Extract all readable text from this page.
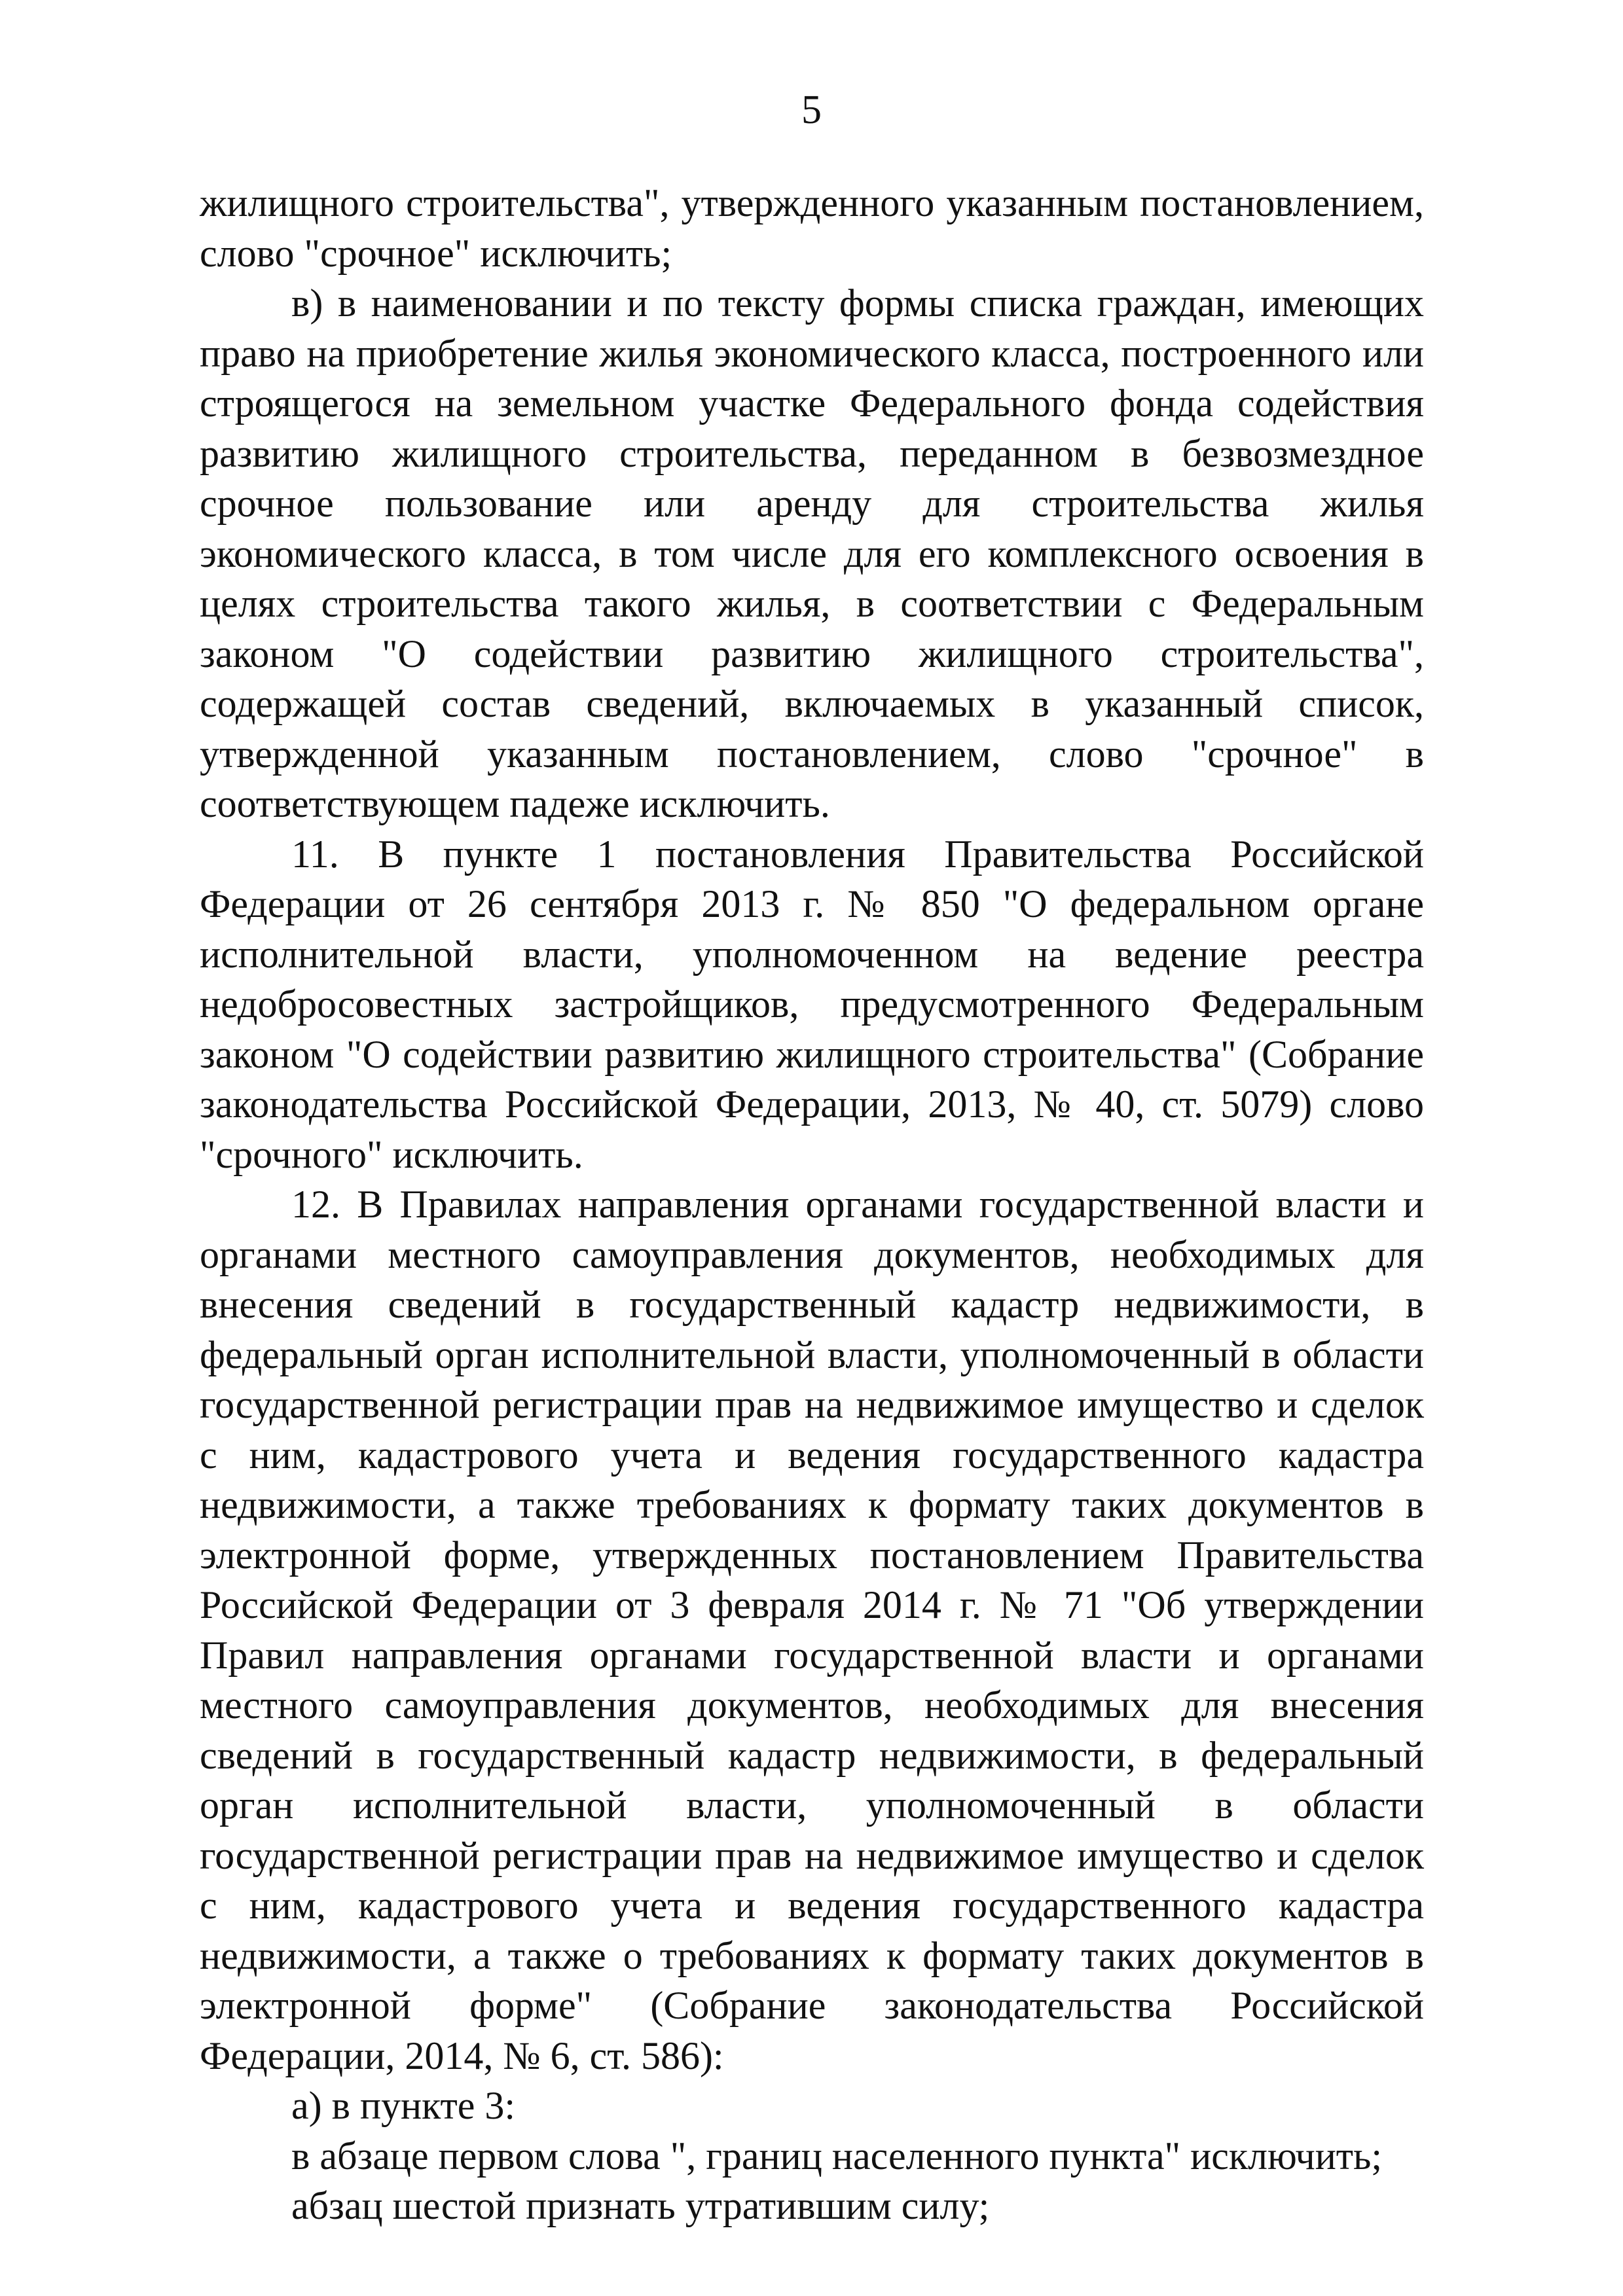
5

жилищного строительства", утвержденного указанным постановлением, слово "срочное" исключить;

в) в наименовании и по тексту формы списка граждан, имеющих право на приобретение жилья экономического класса, построенного или строящегося на земельном участке Федерального фонда содействия развитию жилищного строительства, переданном в безвозмездное срочное пользование или аренду для строительства жилья экономического класса, в том числе для его комплексного освоения в целях строительства такого жилья, в соответствии с Федеральным законом "О содействии развитию жилищного строительства", содержащей состав сведений, включаемых в указанный список, утвержденной указанным постановлением, слово "срочное" в соответствующем падеже исключить.

11. В пункте 1 постановления Правительства Российской Федерации от 26 сентября 2013 г. № 850 "О федеральном органе исполнительной власти, уполномоченном на ведение реестра недобросовестных застройщиков, предусмотренного Федеральным законом "О содействии развитию жилищного строительства" (Собрание законодательства Российской Федерации, 2013, № 40, ст. 5079) слово "срочного" исключить.

12. В Правилах направления органами государственной власти и органами местного самоуправления документов, необходимых для внесения сведений в государственный кадастр недвижимости, в федеральный орган исполнительной власти, уполномоченный в области государственной регистрации прав на недвижимое имущество и сделок с ним, кадастрового учета и ведения государственного кадастра недвижимости, а также требованиях к формату таких документов в электронной форме, утвержденных постановлением Правительства Российской Федерации от 3 февраля 2014 г. № 71 "Об утверждении Правил направления органами государственной власти и органами местного самоуправления документов, необходимых для внесения сведений в государственный кадастр недвижимости, в федеральный орган исполнительной власти, уполномоченный в области государственной регистрации прав на недвижимое имущество и сделок с ним, кадастрового учета и ведения государственного кадастра недвижимости, а также о требованиях к формату таких документов в электронной форме" (Собрание законодательства Российской Федерации, 2014, № 6, ст. 586):

а) в пункте 3:

в абзаце первом слова ", границ населенного пункта" исключить;

абзац шестой признать утратившим силу;
